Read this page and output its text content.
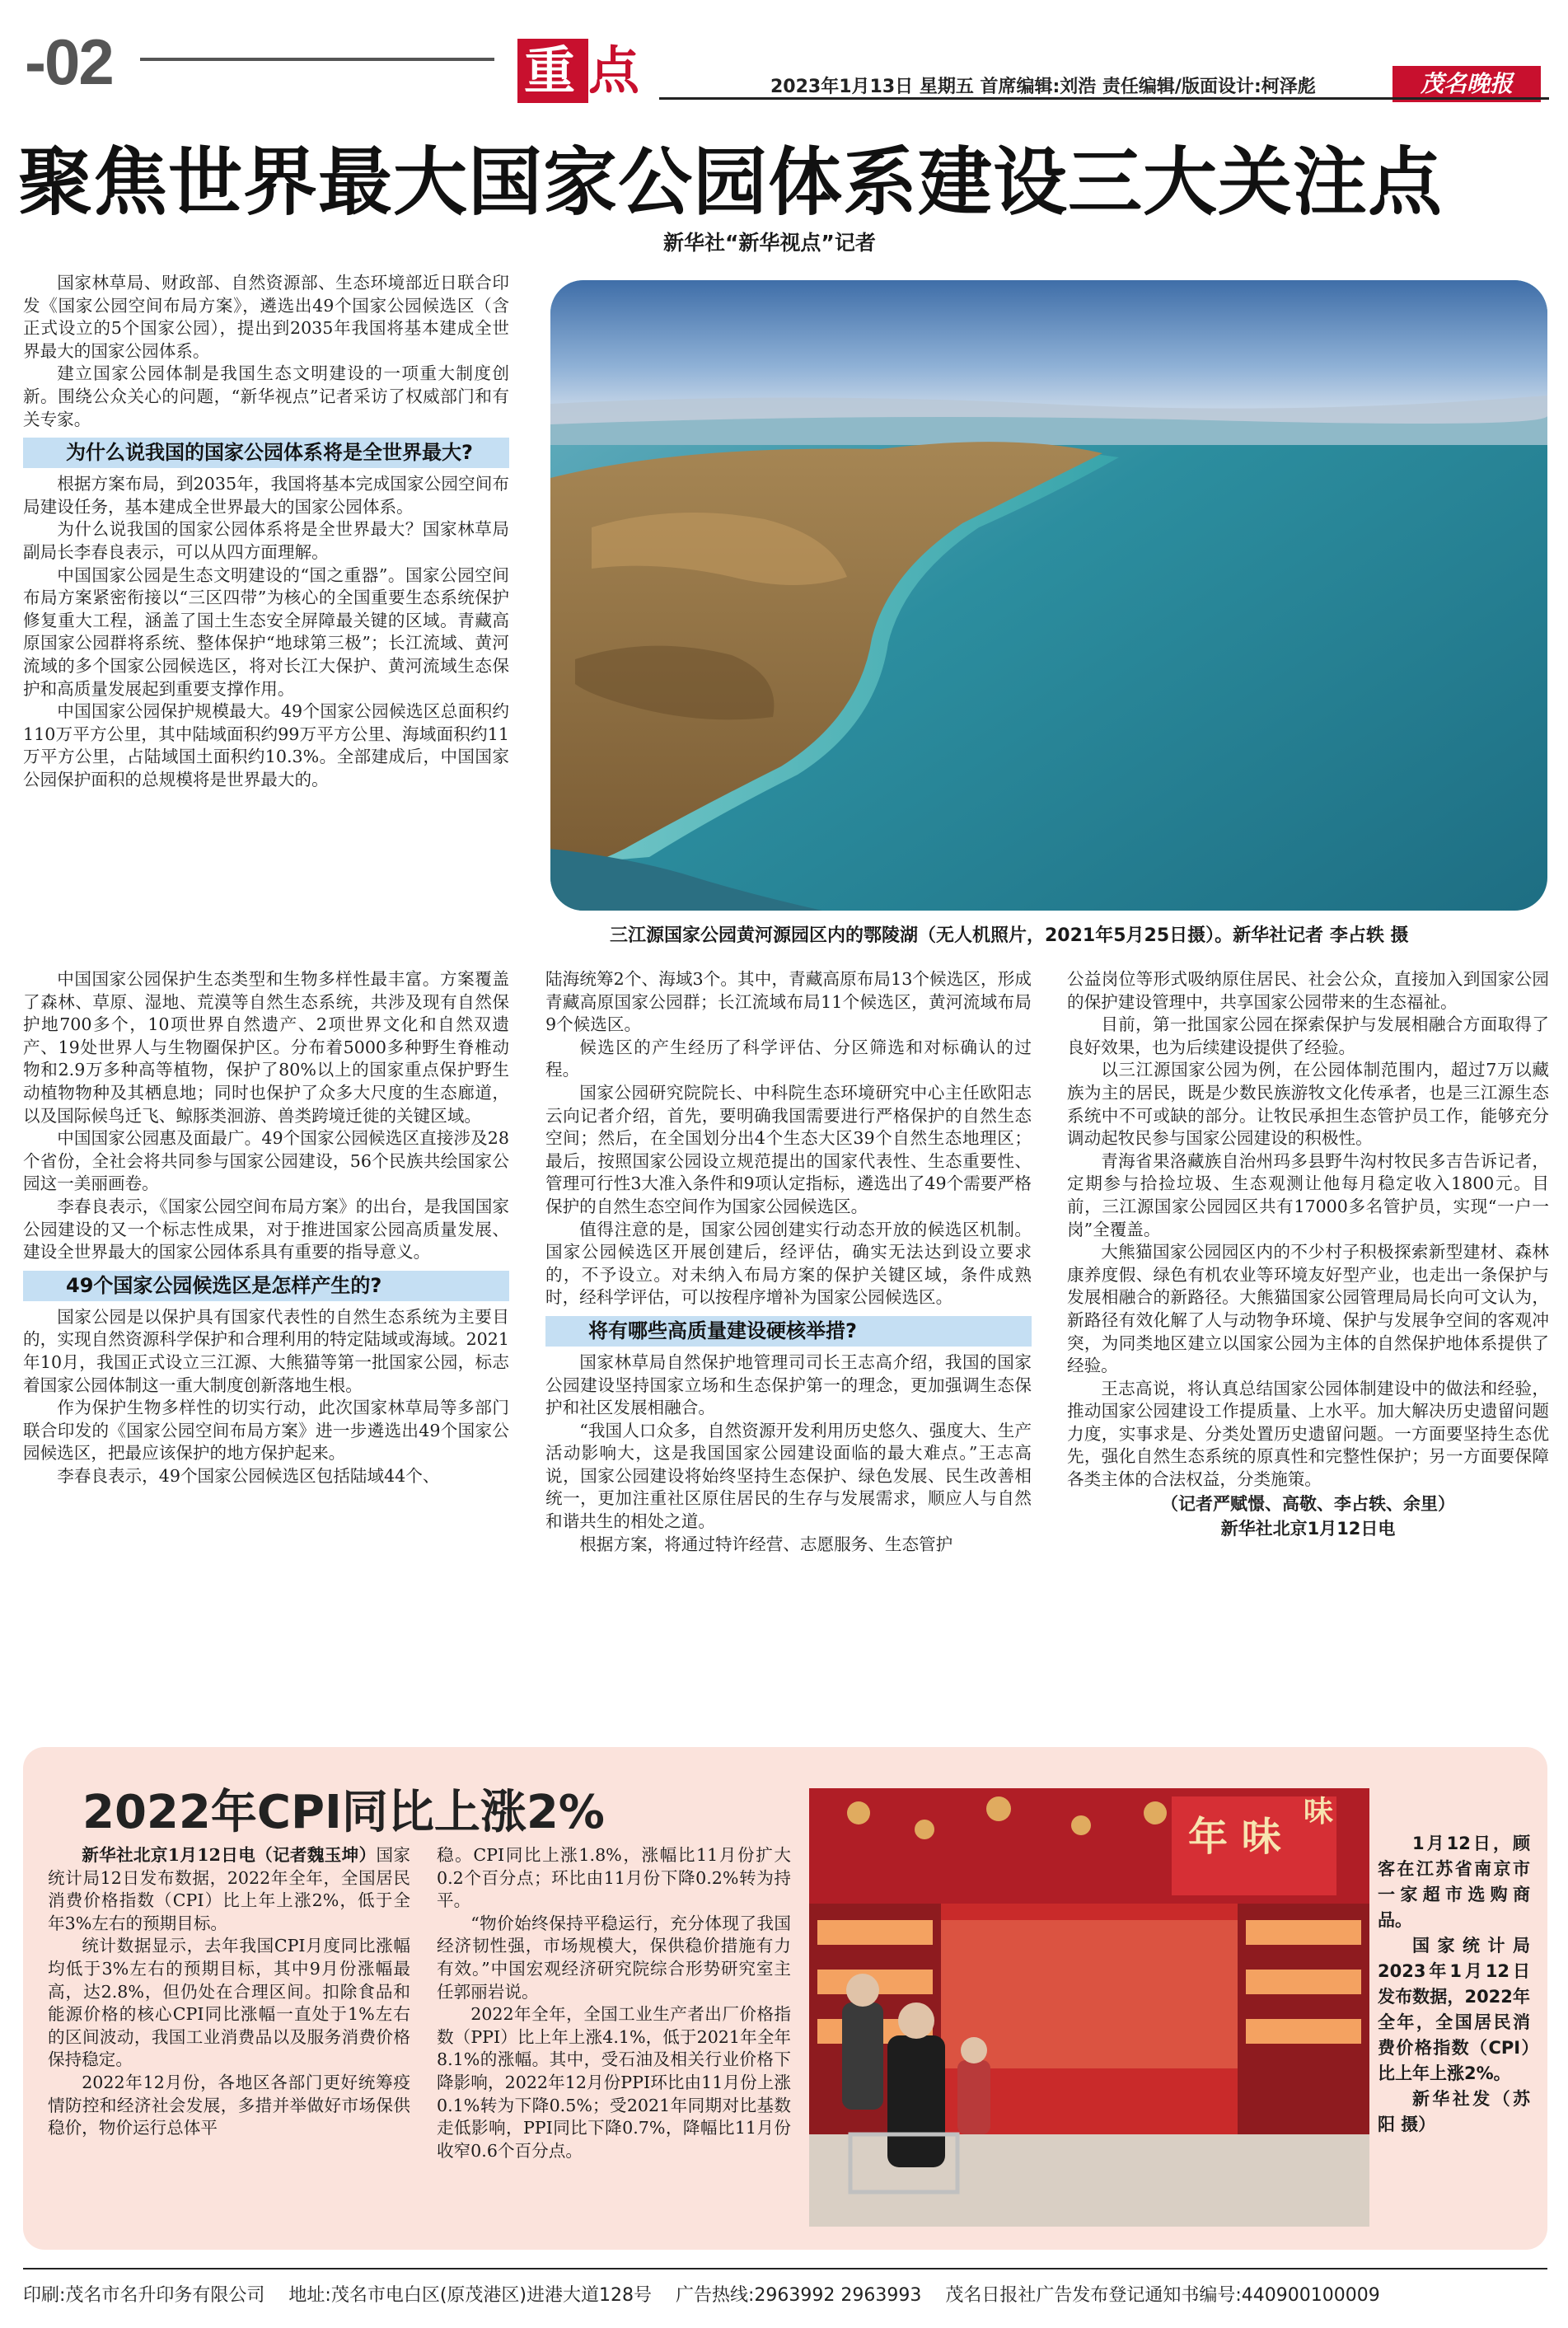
-02	重 点	2023年1月13日 星期五 首席编辑:刘浩 责任编辑/版面设计:柯泽彪	茂名晚报
聚焦世界最大国家公园体系建设三大关注点
新华社“新华视点”记者

国家林草局、财政部、自然资源部、生态环境部近日联合印发《国家公园空间布局方案》，遴选出49个国家公园候选区（含正式设立的5个国家公园），提出到2035年我国将基本建成全世界最大的国家公园体系。

建立国家公园体制是我国生态文明建设的一项重大制度创新。围绕公众关心的问题，“新华视点”记者采访了权威部门和有关专家。

为什么说我国的国家公园体系将是全世界最大?

根据方案布局，到2035年，我国将基本完成国家公园空间布局建设任务，基本建成全世界最大的国家公园体系。

为什么说我国的国家公园体系将是全世界最大？国家林草局副局长李春良表示，可以从四方面理解。

中国国家公园是生态文明建设的“国之重器”。国家公园空间布局方案紧密衔接以“三区四带”为核心的全国重要生态系统保护修复重大工程，涵盖了国土生态安全屏障最关键的区域。青藏高原国家公园群将系统、整体保护“地球第三极”；长江流域、黄河流域的多个国家公园候选区，将对长江大保护、黄河流域生态保护和高质量发展起到重要支撑作用。

中国国家公园保护规模最大。49个国家公园候选区总面积约110万平方公里，其中陆域面积约99万平方公里、海域面积约11万平方公里，占陆域国土面积约10.3%。全部建成后，中国国家公园保护面积的总规模将是世界最大的。

三江源国家公园黄河源园区内的鄂陵湖（无人机照片，2021年5月25日摄）。新华社记者 李占轶 摄

中国国家公园保护生态类型和生物多样性最丰富。方案覆盖了森林、草原、湿地、荒漠等自然生态系统，共涉及现有自然保护地700多个，10项世界自然遗产、2项世界文化和自然双遗产、19处世界人与生物圈保护区。分布着5000多种野生脊椎动物和2.9万多种高等植物，保护了80%以上的国家重点保护野生动植物物种及其栖息地；同时也保护了众多大尺度的生态廊道，以及国际候鸟迁飞、鲸豚类洄游、兽类跨境迁徙的关键区域。

中国国家公园惠及面最广。49个国家公园候选区直接涉及28个省份，全社会将共同参与国家公园建设，56个民族共绘国家公园这一美丽画卷。

李春良表示，《国家公园空间布局方案》的出台，是我国国家公园建设的又一个标志性成果，对于推进国家公园高质量发展、建设全世界最大的国家公园体系具有重要的指导意义。

49个国家公园候选区是怎样产生的?

国家公园是以保护具有国家代表性的自然生态系统为主要目的，实现自然资源科学保护和合理利用的特定陆域或海域。2021年10月，我国正式设立三江源、大熊猫等第一批国家公园，标志着国家公园体制这一重大制度创新落地生根。

作为保护生物多样性的切实行动，此次国家林草局等多部门联合印发的《国家公园空间布局方案》进一步遴选出49个国家公园候选区，把最应该保护的地方保护起来。

李春良表示，49个国家公园候选区包括陆域44个、

陆海统筹2个、海域3个。其中，青藏高原布局13个候选区，形成青藏高原国家公园群；长江流域布局11个候选区，黄河流域布局9个候选区。

候选区的产生经历了科学评估、分区筛选和对标确认的过程。

国家公园研究院院长、中科院生态环境研究中心主任欧阳志云向记者介绍，首先，要明确我国需要进行严格保护的自然生态空间；然后，在全国划分出4个生态大区39个自然生态地理区；最后，按照国家公园设立规范提出的国家代表性、生态重要性、管理可行性3大准入条件和9项认定指标，遴选出了49个需要严格保护的自然生态空间作为国家公园候选区。

值得注意的是，国家公园创建实行动态开放的候选区机制。国家公园候选区开展创建后，经评估，确实无法达到设立要求的，不予设立。对未纳入布局方案的保护关键区域，条件成熟时，经科学评估，可以按程序增补为国家公园候选区。

将有哪些高质量建设硬核举措?

国家林草局自然保护地管理司司长王志高介绍，我国的国家公园建设坚持国家立场和生态保护第一的理念，更加强调生态保护和社区发展相融合。

“我国人口众多，自然资源开发利用历史悠久、强度大、生产活动影响大，这是我国国家公园建设面临的最大难点。”王志高说，国家公园建设将始终坚持生态保护、绿色发展、民生改善相统一，更加注重社区原住居民的生存与发展需求，顺应人与自然和谐共生的相处之道。

根据方案，将通过特许经营、志愿服务、生态管护

公益岗位等形式吸纳原住居民、社会公众，直接加入到国家公园的保护建设管理中，共享国家公园带来的生态福祉。

目前，第一批国家公园在探索保护与发展相融合方面取得了良好效果，也为后续建设提供了经验。

以三江源国家公园为例，在公园体制范围内，超过7万以藏族为主的居民，既是少数民族游牧文化传承者，也是三江源生态系统中不可或缺的部分。让牧民承担生态管护员工作，能够充分调动起牧民参与国家公园建设的积极性。

青海省果洛藏族自治州玛多县野牛沟村牧民多吉告诉记者，定期参与拾捡垃圾、生态观测让他每月稳定收入1800元。目前，三江源国家公园园区共有17000多名管护员，实现“一户一岗”全覆盖。

大熊猫国家公园园区内的不少村子积极探索新型建材、森林康养度假、绿色有机农业等环境友好型产业，也走出一条保护与发展相融合的新路径。大熊猫国家公园管理局局长向可文认为，新路径有效化解了人与动物争环境、保护与发展争空间的客观冲突，为同类地区建立以国家公园为主体的自然保护地体系提供了经验。

王志高说，将认真总结国家公园体制建设中的做法和经验，推动国家公园建设工作提质量、上水平。加大解决历史遗留问题力度，实事求是、分类处置历史遗留问题。一方面要坚持生态优先，强化自然生态系统的原真性和完整性保护；另一方面要保障各类主体的合法权益，分类施策。

（记者严赋憬、高敬、李占轶、余里）
新华社北京1月12日电
2022年CPI同比上涨2%

新华社北京1月12日电（记者魏玉坤）国家统计局12日发布数据，2022年全年，全国居民消费价格指数（CPI）比上年上涨2%，低于全年3%左右的预期目标。

统计数据显示，去年我国CPI月度同比涨幅均低于3%左右的预期目标，其中9月份涨幅最高，达2.8%，但仍处在合理区间。扣除食品和能源价格的核心CPI同比涨幅一直处于1%左右的区间波动，我国工业消费品以及服务消费价格保持稳定。

2022年12月份，各地区各部门更好统筹疫情防控和经济社会发展，多措并举做好市场保供稳价，物价运行总体平

稳。CPI同比上涨1.8%，涨幅比11月份扩大0.2个百分点；环比由11月份下降0.2%转为持平。

“物价始终保持平稳运行，充分体现了我国经济韧性强，市场规模大，保供稳价措施有力有效。”中国宏观经济研究院综合形势研究室主任郭丽岩说。

2022年全年，全国工业生产者出厂价格指数（PPI）比上年上涨4.1%，低于2021年全年8.1%的涨幅。其中，受石油及相关行业价格下降影响，2022年12月份PPI环比由11月份上涨0.1%转为下降0.5%；受2021年同期对比基数走低影响，PPI同比下降0.7%，降幅比11月份收窄0.6个百分点。

年 味
味

1月12日，顾客在江苏省南京市一家超市选购商品。

国家统计局2023年1月12日发布数据，2022年全年，全国居民消费价格指数（CPI）比上年上涨2%。

新华社发（苏阳 摄）

印刷:茂名市名升印务有限公司 地址:茂名市电白区(原茂港区)进港大道128号 广告热线:2963992 2963993 茂名日报社广告发布登记通知书编号:440900100009
